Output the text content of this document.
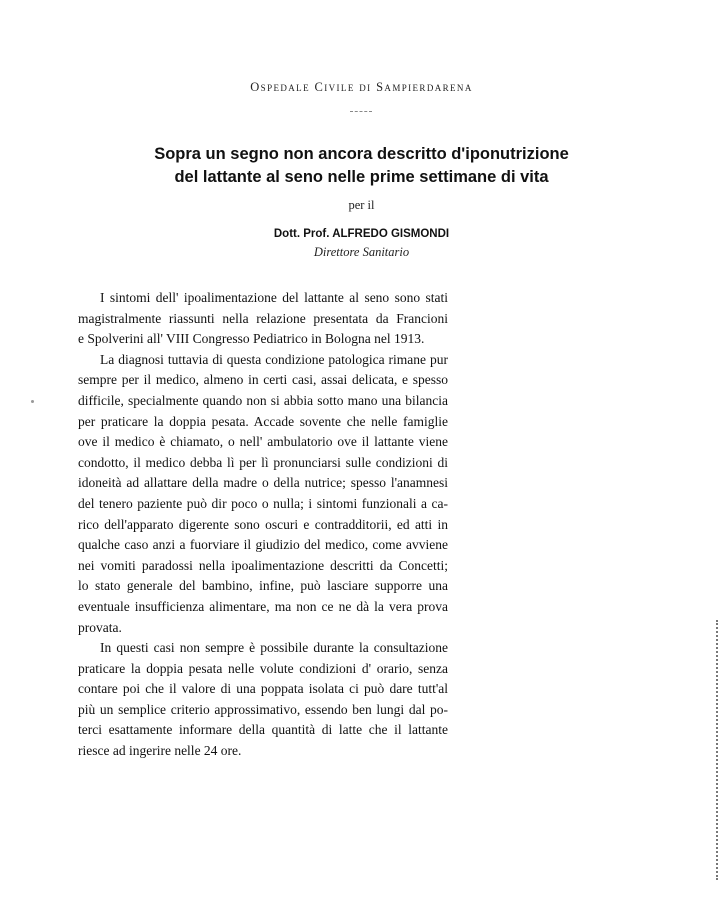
Ospedale Civile di Sampierdarena
Sopra un segno non ancora descritto d'iponutrizione
del lattante al seno nelle prime settimane di vita
per il
Dott. Prof. ALFREDO GISMONDI
Direttore Sanitario
I sintomi dell' ipoalimentazione del lattante al seno sono stati
magistralmente riassunti nella relazione presentata da Francioni
e Spolverini all' VIII Congresso Pediatrico in Bologna nel 1913.
La diagnosi tuttavia di questa condizione patologica rimane pur
sempre per il medico, almeno in certi casi, assai delicata, e spesso
difficile, specialmente quando non si abbia sotto mano una bilancia
per praticare la doppia pesata. Accade sovente che nelle famiglie
ove il medico è chiamato, o nell' ambulatorio ove il lattante viene
condotto, il medico debba lì per lì pronunciarsi sulle condizioni di
idoneità ad allattare della madre o della nutrice; spesso l'anamnesi
del tenero paziente può dir poco o nulla; i sintomi funzionali a ca-
rico dell'apparato digerente sono oscuri e contradditorii, ed atti in
qualche caso anzi a fuorviare il giudizio del medico, come avviene
nei vomiti paradossi nella ipoalimentazione descritti da Concetti;
lo stato generale del bambino, infine, può lasciare supporre una
eventuale insufficienza alimentare, ma non ce ne dà la vera prova
provata.
In questi casi non sempre è possibile durante la consultazione
praticare la doppia pesata nelle volute condizioni d' orario, senza
contare poi che il valore di una poppata isolata ci può dare tutt'al
più un semplice criterio approssimativo, essendo ben lungi dal po-
terci esattamente informare della quantità di latte che il lattante
riesce ad ingerire nelle 24 ore.
